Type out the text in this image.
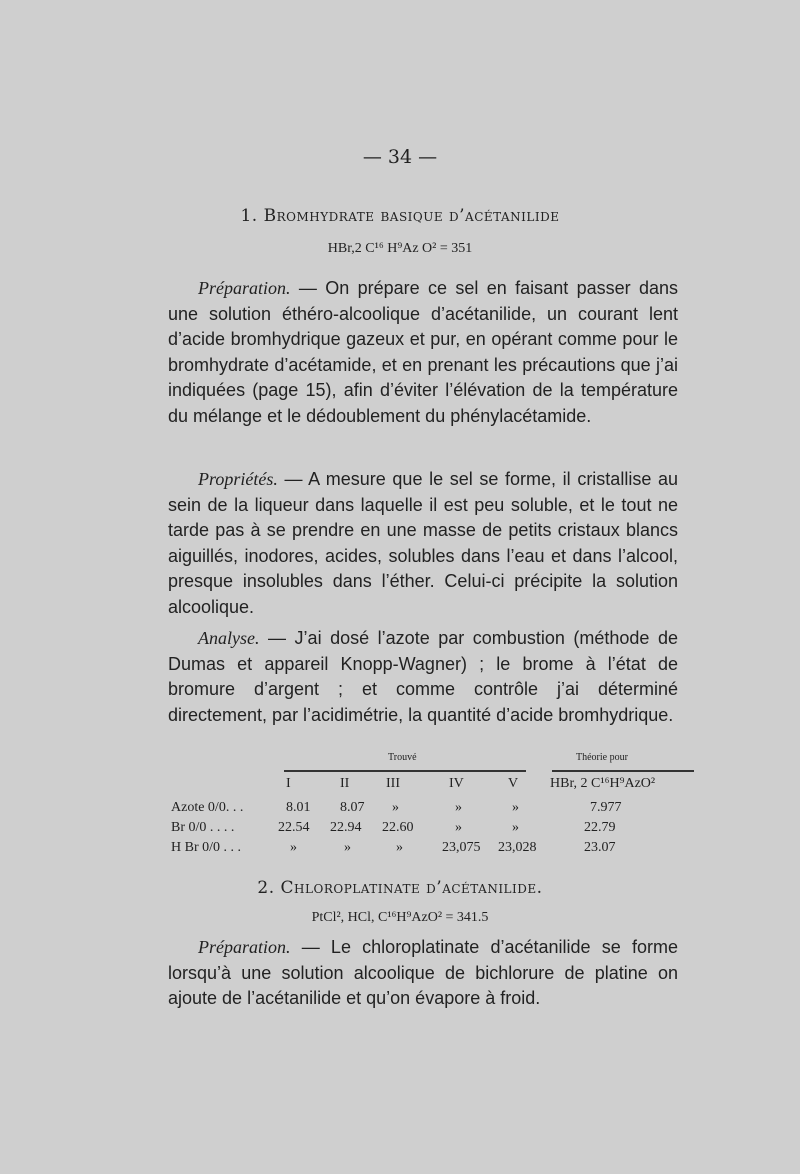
— 34 —
1. Bromhydrate basique d’acétanilide
HBr,2 C¹⁶ H⁹Az O² = 351

Préparation. — On prépare ce sel en faisant passer dans une solution éthéro-alcoolique d’acétanilide, un courant lent d’acide bromhydrique gazeux et pur, en opérant comme pour le bromhydrate d’acétamide, et en prenant les précautions que j’ai indiquées (page 15), afin d’éviter l’élévation de la température du mélange et le dédoublement du phénylacétamide.

Propriétés. — A mesure que le sel se forme, il cristallise au sein de la liqueur dans laquelle il est peu soluble, et le tout ne tarde pas à se prendre en une masse de petits cristaux blancs aiguillés, inodores, acides, solubles dans l’eau et dans l’alcool, presque insolubles dans l’éther. Celui-ci précipite la solution alcoolique.

Analyse. — J’ai dosé l’azote par combustion (méthode de Dumas et appareil Knopp-Wagner) ; le brome à l’état de bromure d’argent ; et comme contrôle j’ai déterminé directement, par l’acidimétrie, la quantité d’acide bromhydrique.

Trouvé	Théorie pour
I	II	III	IV	V HBr, 2 C¹⁶H⁹AzO²
Azote 0/0. . .	8.01 8.07 »	»	»	7.977
Br 0/0 . . . .	22.54 22.94 22.60	»	»	22.79
H Br 0/0 . . .	»	»	»	23,075 23,028	23.07
2. Chloroplatinate d’acétanilide.
PtCl², HCl, C¹⁶H⁹AzO² = 341.5

Préparation. — Le chloroplatinate d’acétanilide se forme lorsqu’à une solution alcoolique de bichlorure de platine on ajoute de l’acétanilide et qu’on évapore à froid.
